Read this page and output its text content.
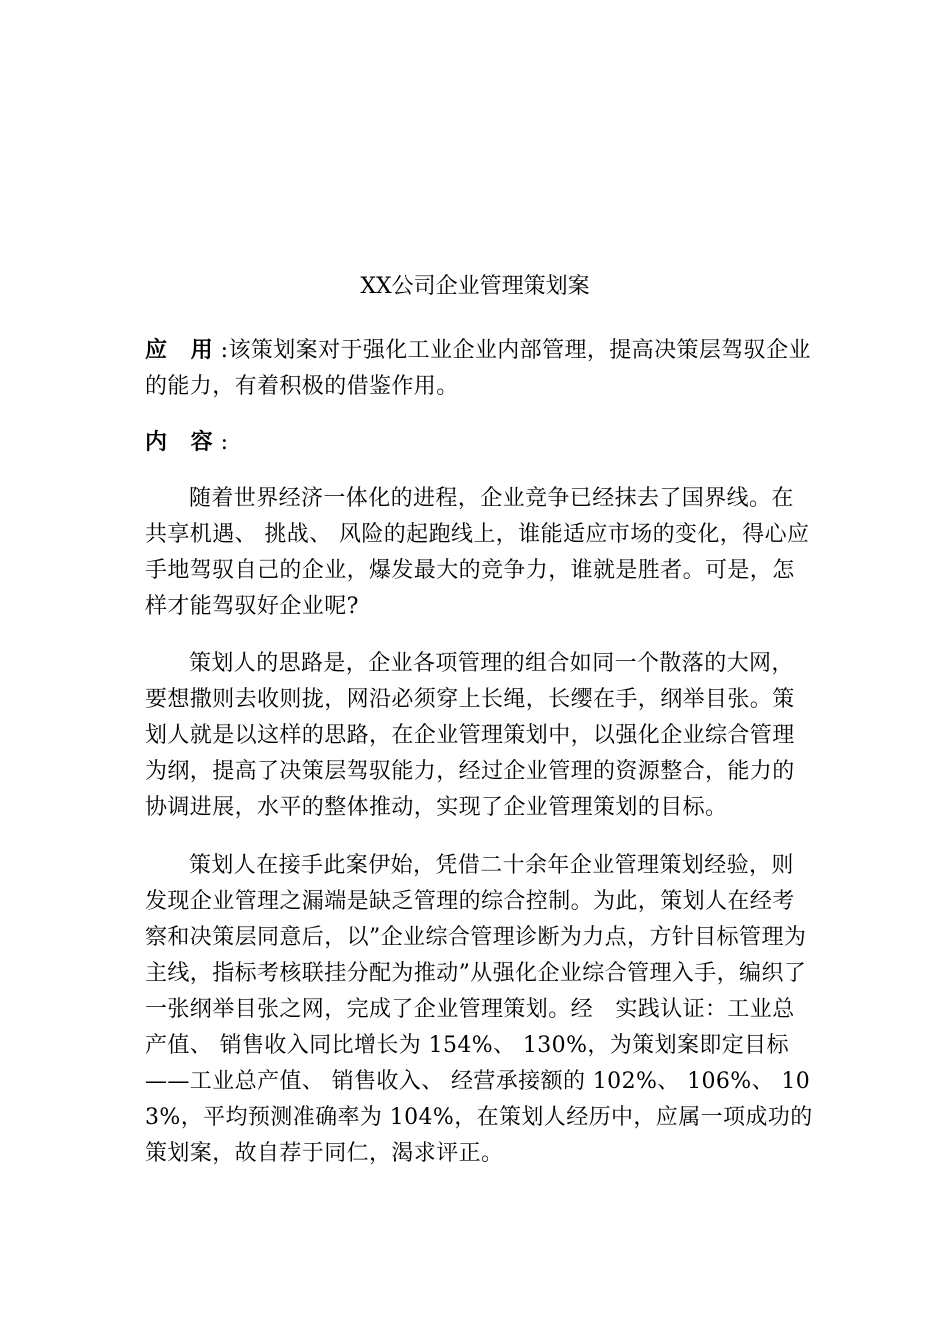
XX公司企业管理策划案
应 用:该策划案对于强化工业企业内部管理，提高决策层驾驭企业的能力，有着积极的借鉴作用。
内 容:
随着世界经济一体化的进程，企业竞争已经抹去了国界线。在共享机遇、 挑战、 风险的起跑线上，谁能适应市场的变化，得心应手地驾驭自己的企业，爆发最大的竞争力，谁就是胜者。可是，怎样才能驾驭好企业呢?
策划人的思路是，企业各项管理的组合如同一个散落的大网，要想撒则去收则拢，网沿必须穿上长绳，长缨在手，纲举目张。策划人就是以这样的思路，在企业管理策划中，以强化企业综合管理为纲，提高了决策层驾驭能力，经过企业管理的资源整合，能力的协调进展，水平的整体推动，实现了企业管理策划的目标。
策划人在接手此案伊始，凭借二十余年企业管理策划经验，则发现企业管理之漏端是缺乏管理的综合控制。为此，策划人在经考察和决策层同意后，以”企业综合管理诊断为力点，方针目标管理为主线，指标考核联挂分配为推动”从强化企业综合管理入手，编织了一张纲举目张之网，完成了企业管理策划。经　实践认证：工业总产值、 销售收入同比增长为 154%、 130%，为策划案即定目标——工业总产值、 销售收入、 经营承接额的 102%、 106%、 103%，平均预测准确率为 104%，在策划人经历中，应属一项成功的策划案，故自荐于同仁，渴求评正。
